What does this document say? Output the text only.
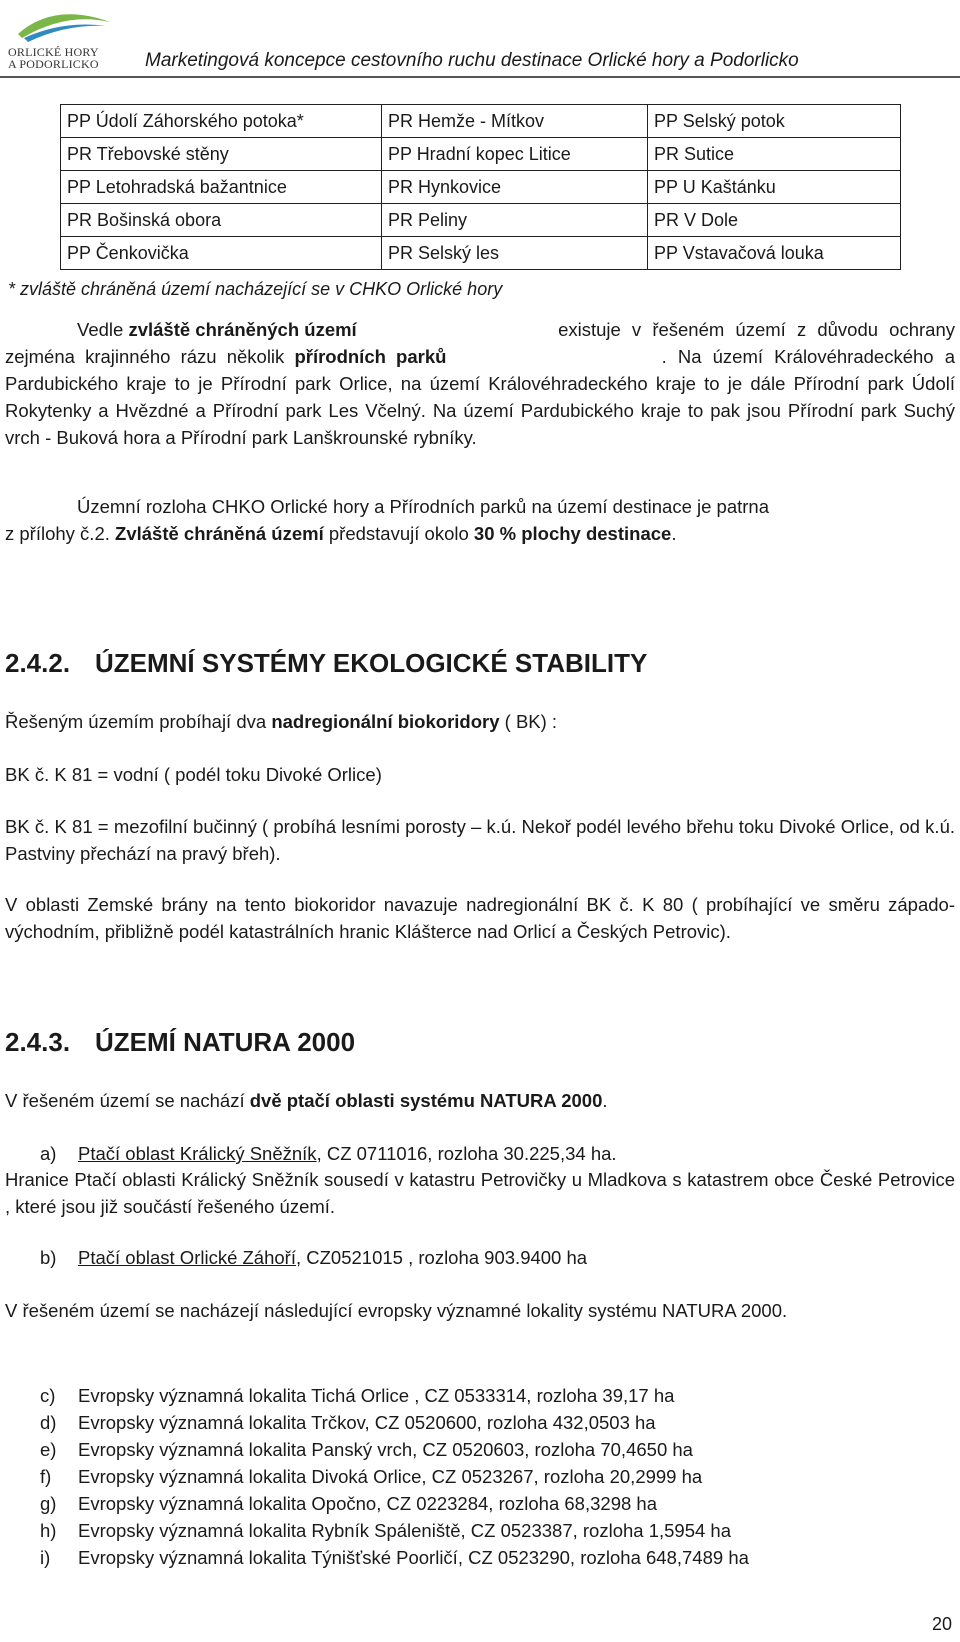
ORLICKÉ HORY
A PODORLICKO	Marketingová koncepce cestovního ruchu destinace Orlické hory a Podorlicko
PP Údolí Záhorského potoka*	PR Hemže - Mítkov	PP Selský potok
PR Třebovské stěny	PP Hradní kopec Litice	PR Sutice
PP Letohradská bažantnice	PR Hynkovice	PP U Kaštánku
PR Bošinská obora	PR Peliny	PR V Dole
PP Čenkovička	PR Selský les	PP Vstavačová louka
* zvláště chráněná území nacházející se v CHKO Orlické hory
Vedle zvláště chráněných území	existuje v řešeném území z důvodu ochrany
zejména krajinného rázu několik přírodních parků	. Na území Královéhradeckého a
Pardubického kraje to je Přírodní park Orlice, na území Královéhradeckého kraje to je dále Přírodní park Údolí Rokytenky a Hvězdné a Přírodní park Les Včelný. Na území Pardubického kraje to pak jsou Přírodní park Suchý vrch - Buková hora a Přírodní park Lanškrounské rybníky.
Územní rozloha CHKO Orlické hory a Přírodních parků na území destinace je patrna
z přílohy č.2. Zvláště chráněná území představují okolo 30 % plochy destinace.
2.4.2. ÚZEMNÍ SYSTÉMY EKOLOGICKÉ STABILITY
Řešeným územím probíhají dva nadregionální biokoridory ( BK) :
BK č. K 81 = vodní ( podél toku Divoké Orlice)
BK č. K 81 = mezofilní bučinný ( probíhá lesními porosty – k.ú. Nekoř podél levého břehu toku Divoké Orlice, od k.ú. Pastviny přechází na pravý břeh).
V oblasti Zemské brány na tento biokoridor navazuje nadregionální BK č. K 80 ( probíhající ve směru západo-východním, přibližně podél katastrálních hranic Klášterce nad Orlicí a Českých Petrovic).
2.4.3. ÚZEMÍ NATURA 2000
V řešeném území se nachází dvě ptačí oblasti systému NATURA 2000.
a) Ptačí oblast Králický Sněžník, CZ 0711016, rozloha 30.225,34 ha.
Hranice Ptačí oblasti Králický Sněžník sousedí v katastru Petrovičky u Mladkova s katastrem obce České Petrovice , které jsou již součástí řešeného území.
b) Ptačí oblast Orlické Záhoří, CZ0521015 , rozloha 903.9400 ha
V řešeném území se nacházejí následující evropsky významné lokality systému NATURA 2000.
c) Evropsky významná lokalita Tichá Orlice , CZ 0533314, rozloha 39,17 ha
d) Evropsky významná lokalita Trčkov, CZ 0520600, rozloha 432,0503 ha
e) Evropsky významná lokalita Panský vrch, CZ 0520603, rozloha 70,4650 ha
f) Evropsky významná lokalita Divoká Orlice, CZ 0523267, rozloha 20,2999 ha
g) Evropsky významná lokalita Opočno, CZ 0223284, rozloha 68,3298 ha
h) Evropsky významná lokalita Rybník Spáleniště, CZ 0523387, rozloha 1,5954 ha
i) Evropsky významná lokalita Týnišťské Poorličí, CZ 0523290, rozloha 648,7489 ha
20
